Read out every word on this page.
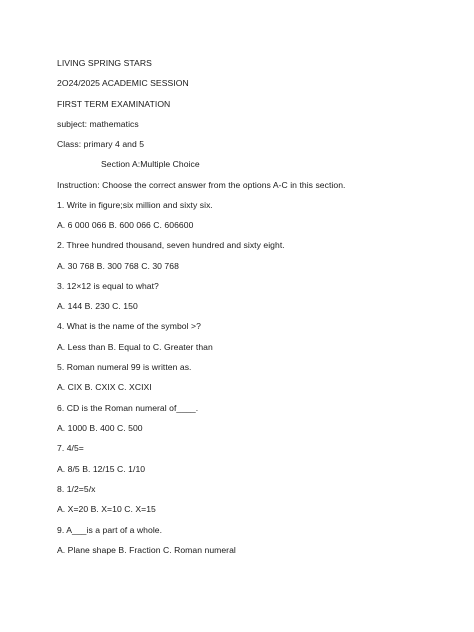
LIVING SPRING STARS
2O24/2025 ACADEMIC SESSION
FIRST TERM EXAMINATION
subject: mathematics
Class: primary 4 and 5
Section A:Multiple Choice
Instruction: Choose the correct answer from the options A-C in this section.
1. Write in figure;six million and sixty six.
A. 6 000 066 B. 600 066 C. 606600
2. Three hundred thousand, seven hundred and sixty eight.
A. 30 768 B. 300 768 C. 30 768
3. 12×12 is equal to what?
A. 144 B. 230 C. 150
4. What is the name of the symbol >?
A. Less than B. Equal to C. Greater than
5. Roman numeral 99 is written as.
A. CIX B. CXIX C. XCIXI
6. CD is the Roman numeral of____.
A. 1000 B. 400 C. 500
7. 4/5=
A. 8/5 B. 12/15 C. 1/10
8. 1/2=5/x
A. X=20 B. X=10 C. X=15
9. A___is a part of a whole.
A. Plane shape B. Fraction C. Roman numeral
